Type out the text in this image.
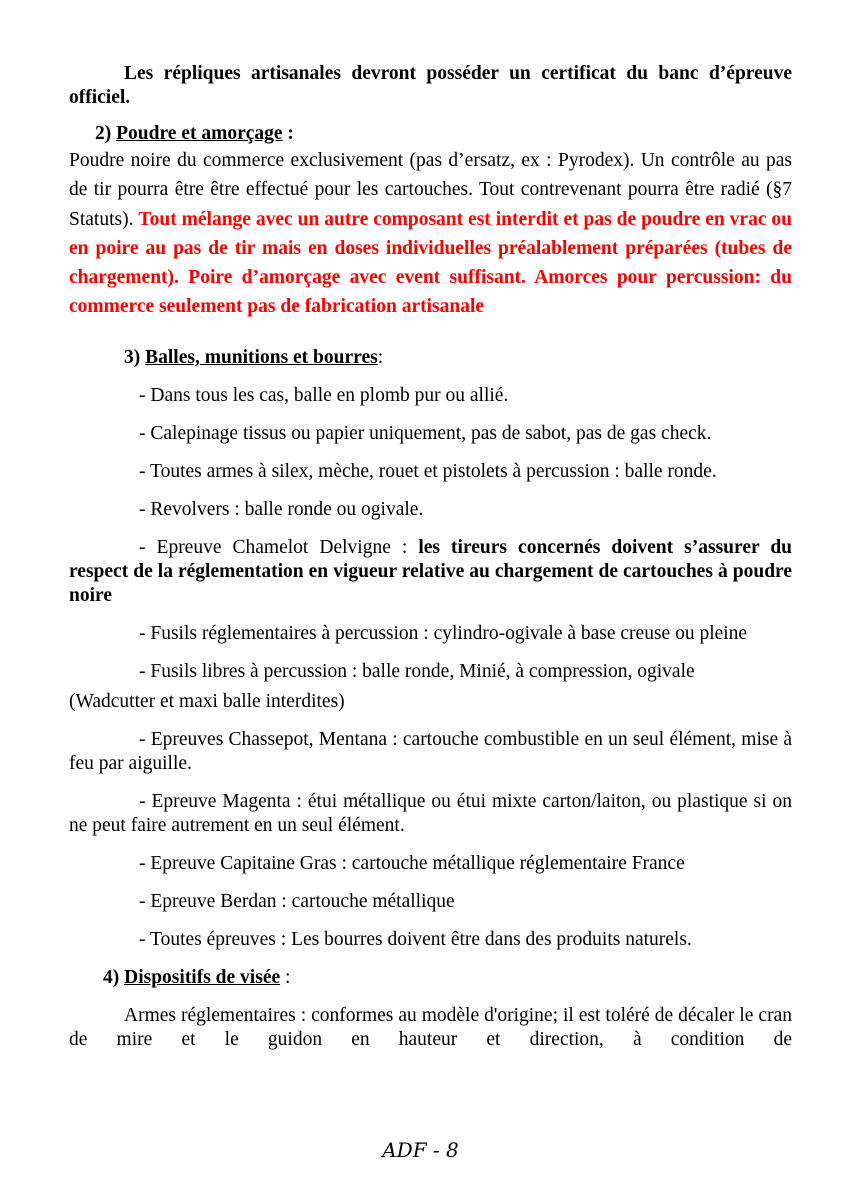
Les répliques artisanales devront posséder un certificat du banc d’épreuve officiel.

2) Poudre et amorçage :

Poudre noire du commerce exclusivement (pas d’ersatz, ex : Pyrodex). Un contrôle au pas de tir pourra être être effectué pour les cartouches. Tout contrevenant pourra être radié (§7 Statuts). Tout mélange avec un autre composant est interdit et pas de poudre en vrac ou en poire au pas de tir mais en doses individuelles préalablement préparées (tubes de chargement). Poire d’amorçage avec event suffisant. Amorces pour percussion: du commerce seulement pas de fabrication artisanale

3) Balles, munitions et bourres:

- Dans tous les cas, balle en plomb pur ou allié.

- Calepinage tissus ou papier uniquement, pas de sabot, pas de gas check.

- Toutes armes à silex, mèche, rouet et pistolets à percussion : balle ronde.

- Revolvers : balle ronde ou ogivale.

- Epreuve Chamelot Delvigne : les tireurs concernés doivent s’assurer du respect de la réglementation en vigueur relative au chargement de cartouches à poudre noire

- Fusils réglementaires à percussion : cylindro-ogivale à base creuse ou pleine

- Fusils libres à percussion : balle ronde, Minié, à compression, ogivale

(Wadcutter et maxi balle interdites)

- Epreuves Chassepot, Mentana : cartouche combustible en un seul élément, mise à feu par aiguille.

- Epreuve Magenta : étui métallique ou étui mixte carton/laiton, ou plastique si on ne peut faire autrement en un seul élément.

- Epreuve Capitaine Gras : cartouche métallique réglementaire France

- Epreuve Berdan : cartouche métallique

- Toutes épreuves : Les bourres doivent être dans des produits naturels.

4) Dispositifs de visée :

Armes réglementaires : conformes au modèle d'origine; il est toléré de décaler le cran de mire et le guidon en hauteur et direction, à condition de

ADF - 8
